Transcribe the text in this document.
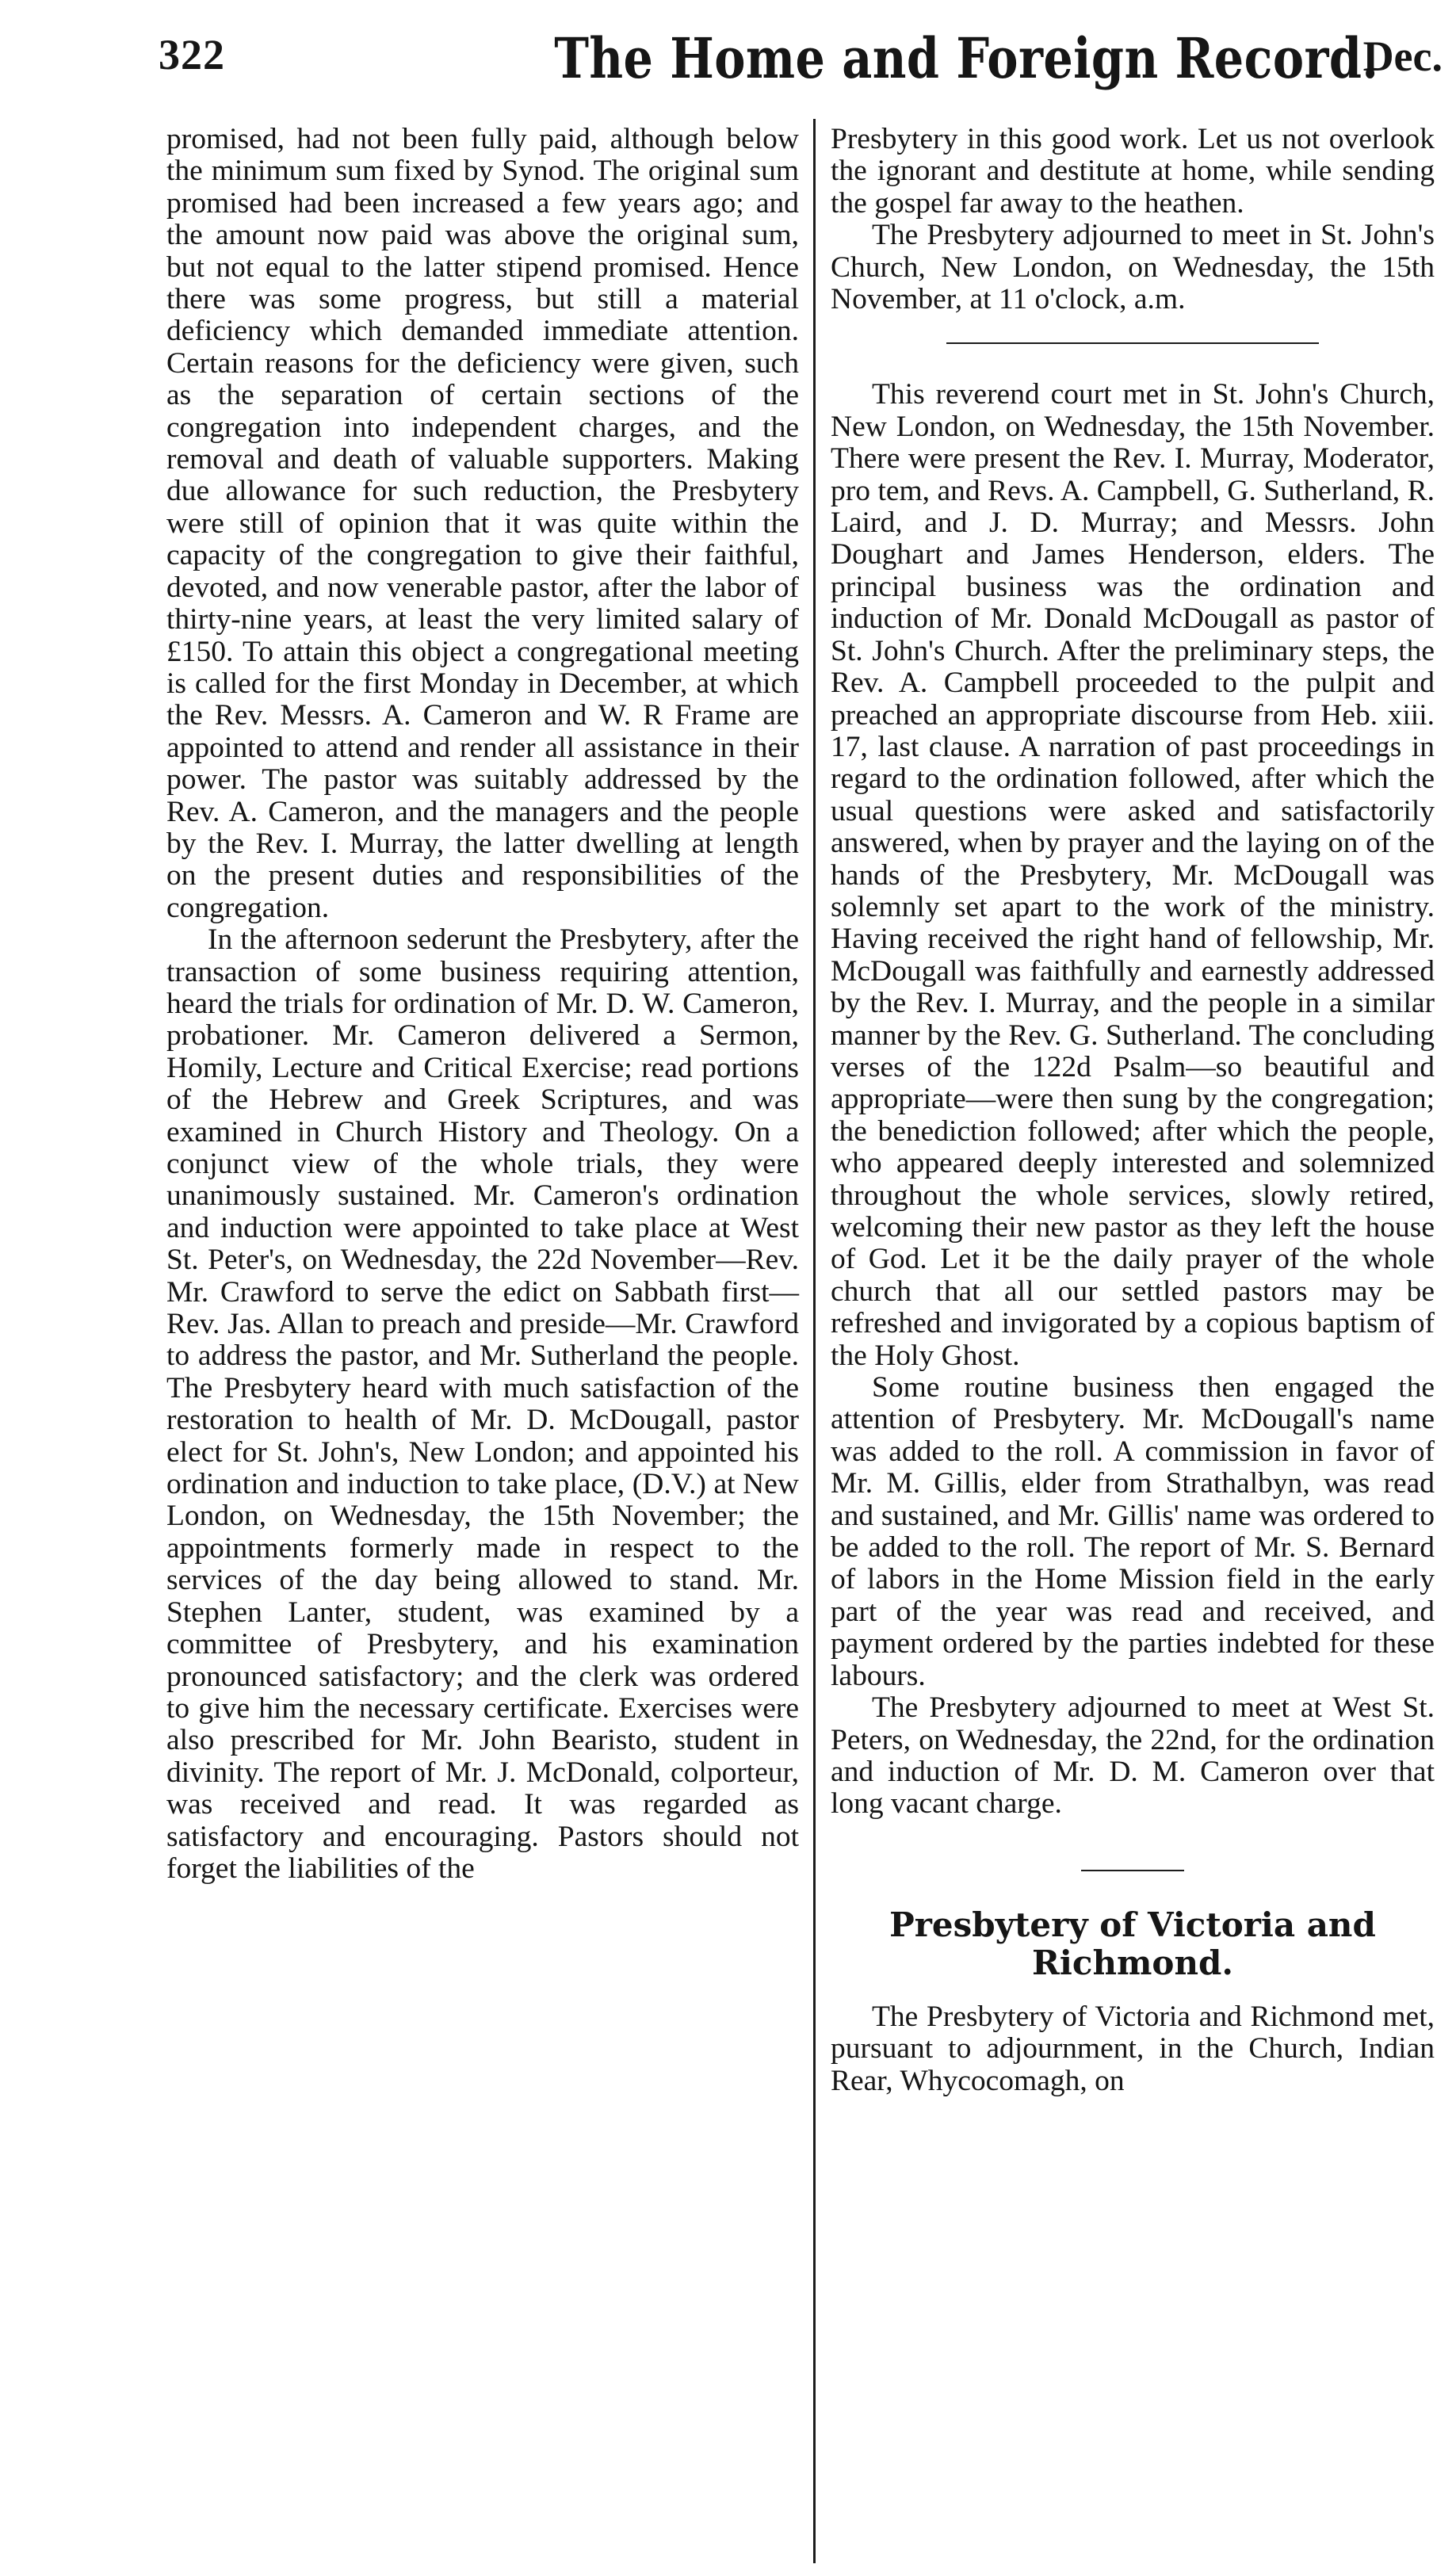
322	The Home and Foreign Record.
Dec.

promised, had not been fully paid, although below the minimum sum fixed by Synod. The original sum promised had been increased a few years ago; and the amount now paid was above the original sum, but not equal to the latter stipend promised. Hence there was some progress, but still a material deficiency which demanded immediate attention. Certain reasons for the deficiency were given, such as the separation of certain sections of the congregation into independent charges, and the removal and death of valuable supporters. Making due allowance for such reduction, the Presbytery were still of opinion that it was quite within the capacity of the congregation to give their faithful, devoted, and now venerable pastor, after the labor of thirty-nine years, at least the very limited salary of £150. To attain this object a congregational meeting is called for the first Monday in December, at which the Rev. Messrs. A. Cameron and W. R Frame are appointed to attend and render all assistance in their power. The pastor was suitably addressed by the Rev. A. Cameron, and the managers and the people by the Rev. I. Murray, the latter dwelling at length on the present duties and responsibilities of the congregation.

In the afternoon sederunt the Presbytery, after the transaction of some business requiring attention, heard the trials for ordination of Mr. D. W. Cameron, probationer. Mr. Cameron delivered a Sermon, Homily, Lecture and Critical Exercise; read portions of the Hebrew and Greek Scriptures, and was examined in Church History and Theology. On a conjunct view of the whole trials, they were unanimously sustained. Mr. Cameron's ordination and induction were appointed to take place at West St. Peter's, on Wednesday, the 22d November—Rev. Mr. Crawford to serve the edict on Sabbath first—Rev. Jas. Allan to preach and preside—Mr. Crawford to address the pastor, and Mr. Sutherland the people. The Presbytery heard with much satisfaction of the restoration to health of Mr. D. McDougall, pastor elect for St. John's, New London; and appointed his ordination and induction to take place, (D.V.) at New London, on Wednesday, the 15th November; the appointments formerly made in respect to the services of the day being allowed to stand. Mr. Stephen Lanter, student, was examined by a committee of Presbytery, and his examination pronounced satisfactory; and the clerk was ordered to give him the necessary certificate. Exercises were also prescribed for Mr. John Bearisto, student in divinity. The report of Mr. J. McDonald, colporteur, was received and read. It was regarded as satisfactory and encouraging. Pastors should not forget the liabilities of the

Presbytery in this good work. Let us not overlook the ignorant and destitute at home, while sending the gospel far away to the heathen.

The Presbytery adjourned to meet in St. John's Church, New London, on Wednesday, the 15th November, at 11 o'clock, a.m.

This reverend court met in St. John's Church, New London, on Wednesday, the 15th November. There were present the Rev. I. Murray, Moderator, pro tem, and Revs. A. Campbell, G. Sutherland, R. Laird, and J. D. Murray; and Messrs. John Doughart and James Henderson, elders. The principal business was the ordination and induction of Mr. Donald McDougall as pastor of St. John's Church. After the preliminary steps, the Rev. A. Campbell proceeded to the pulpit and preached an appropriate discourse from Heb. xiii. 17, last clause. A narration of past proceedings in regard to the ordination followed, after which the usual questions were asked and satisfactorily answered, when by prayer and the laying on of the hands of the Presbytery, Mr. McDougall was solemnly set apart to the work of the ministry. Having received the right hand of fellowship, Mr. McDougall was faithfully and earnestly addressed by the Rev. I. Murray, and the people in a similar manner by the Rev. G. Sutherland. The concluding verses of the 122d Psalm—so beautiful and appropriate—were then sung by the congregation; the benediction followed; after which the people, who appeared deeply interested and solemnized throughout the whole services, slowly retired, welcoming their new pastor as they left the house of God. Let it be the daily prayer of the whole church that all our settled pastors may be refreshed and invigorated by a copious baptism of the Holy Ghost.

Some routine business then engaged the attention of Presbytery. Mr. McDougall's name was added to the roll. A commission in favor of Mr. M. Gillis, elder from Strathalbyn, was read and sustained, and Mr. Gillis' name was ordered to be added to the roll. The report of Mr. S. Bernard of labors in the Home Mission field in the early part of the year was read and received, and payment ordered by the parties indebted for these labours.

The Presbytery adjourned to meet at West St. Peters, on Wednesday, the 22nd, for the ordination and induction of Mr. D. M. Cameron over that long vacant charge.

Presbytery of Victoria and Richmond.

The Presbytery of Victoria and Richmond met, pursuant to adjournment, in the Church, Indian Rear, Whycocomagh, on
